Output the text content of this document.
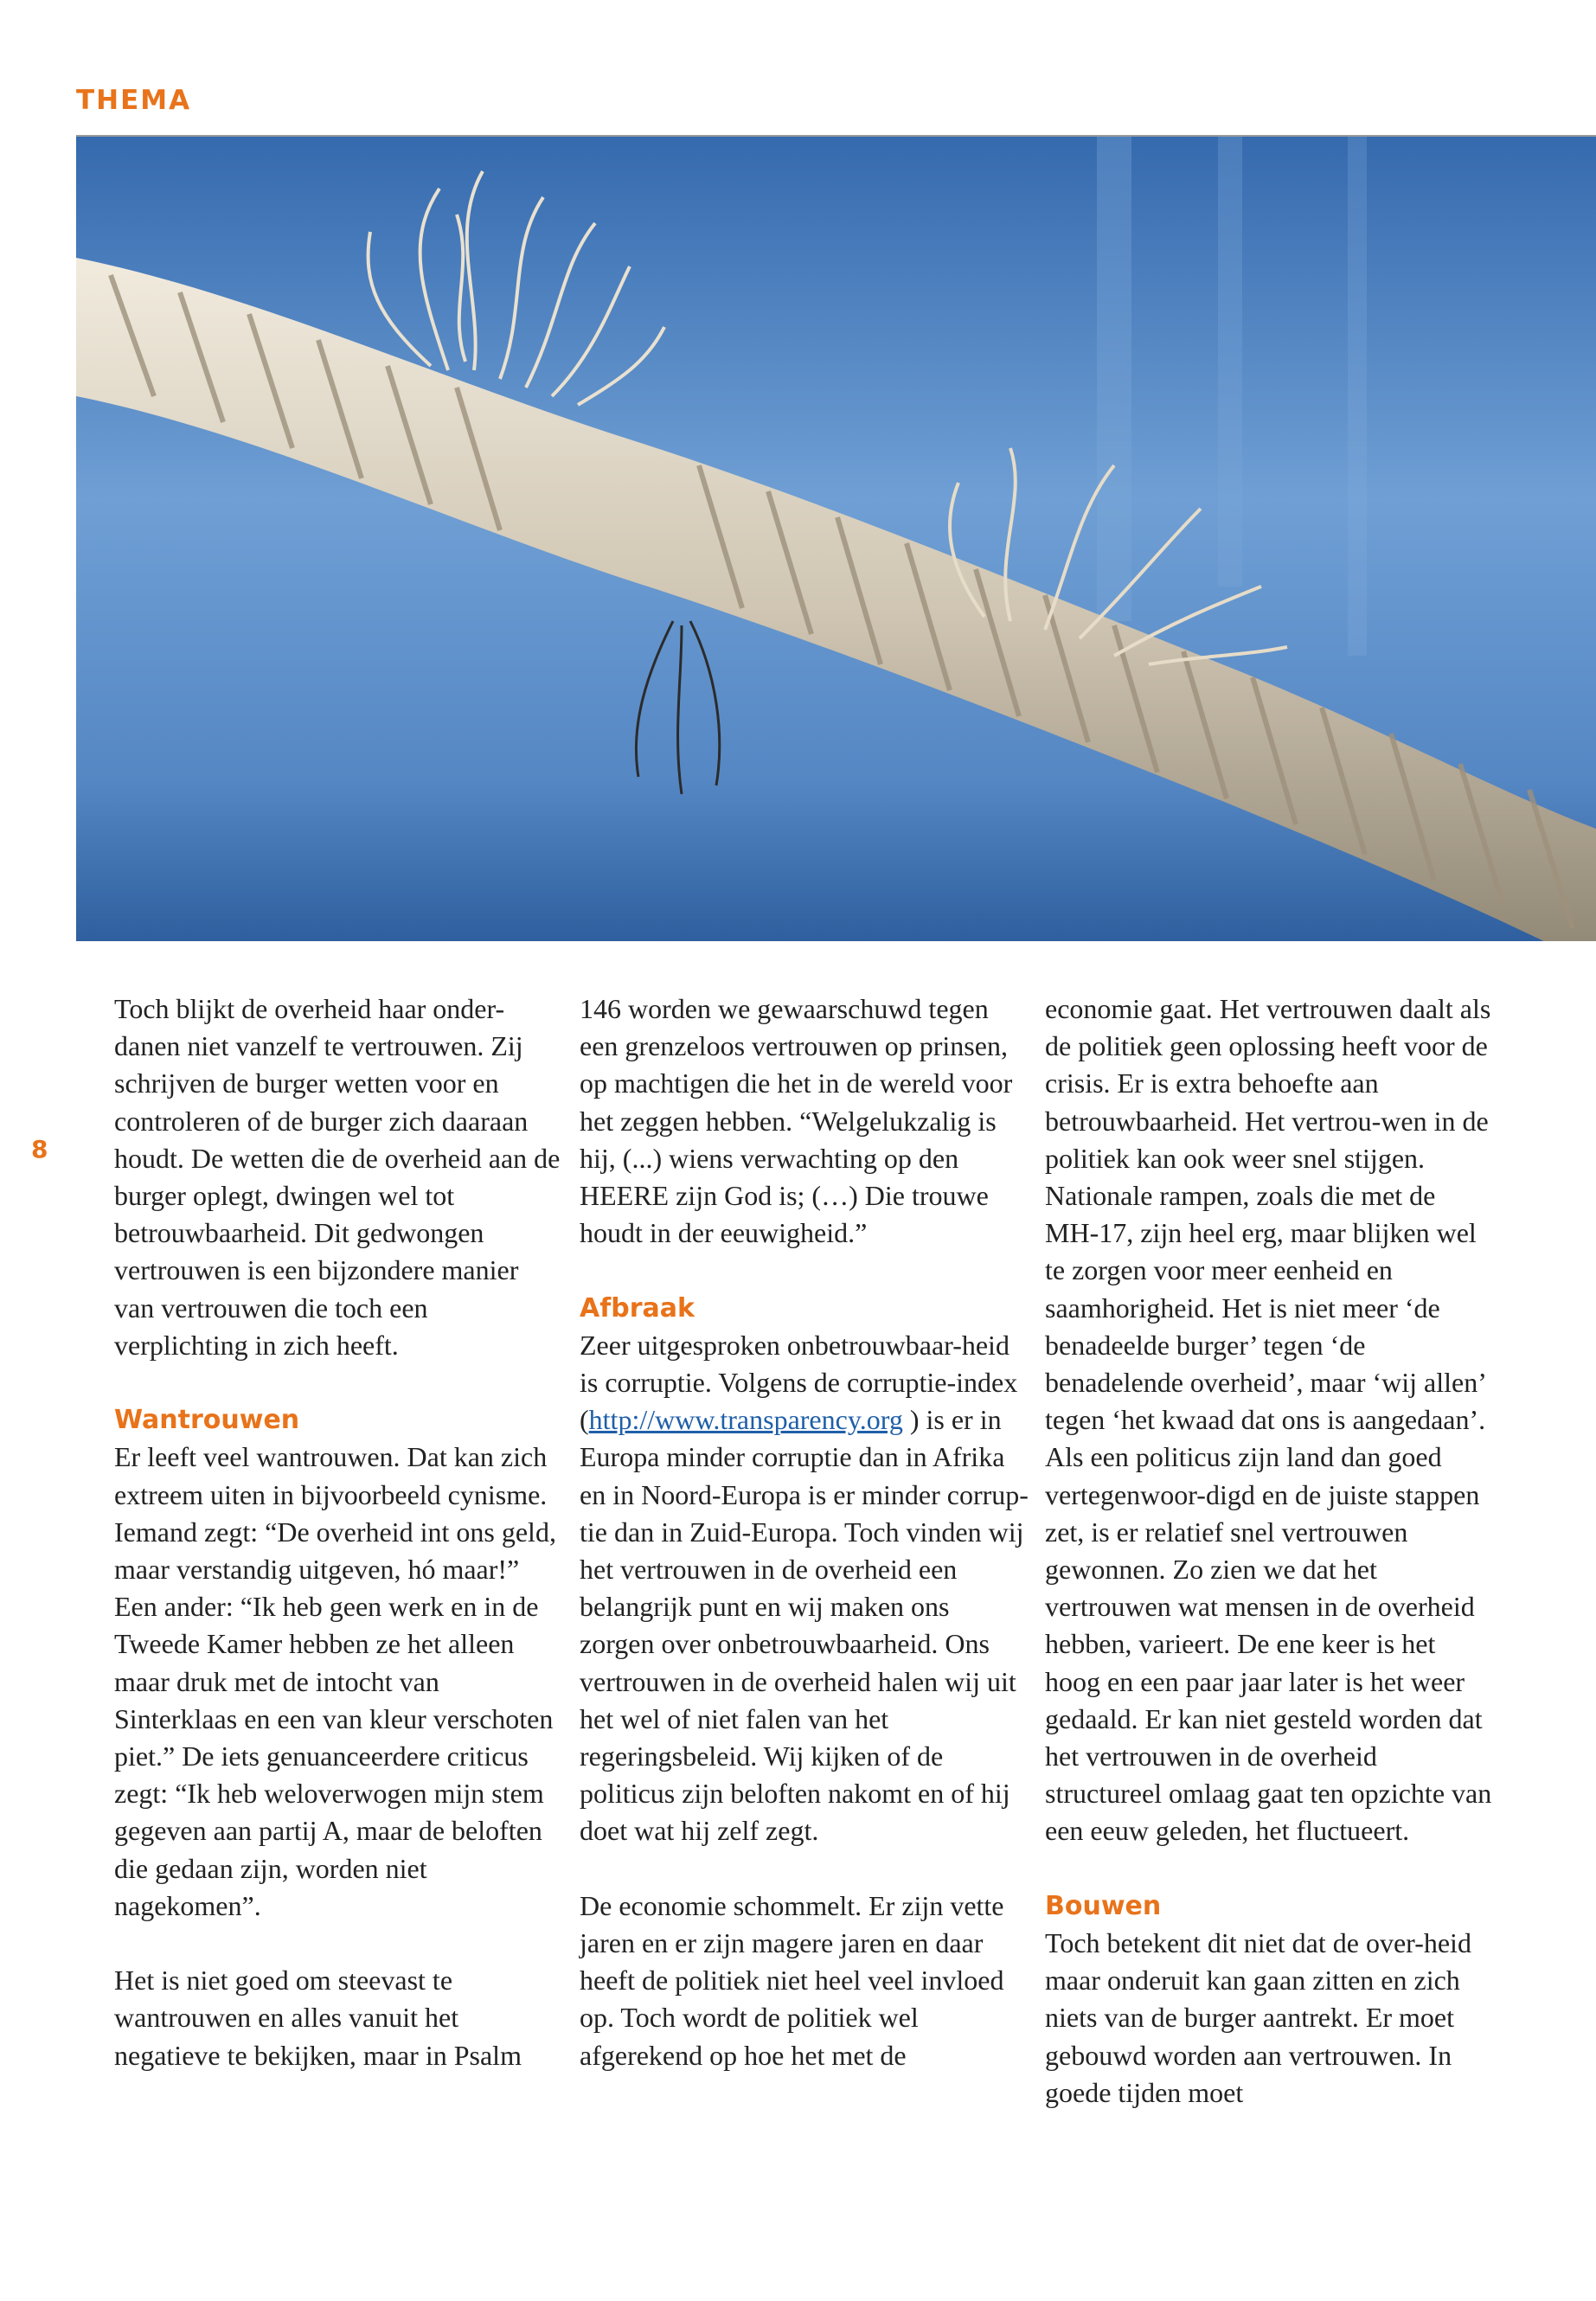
THEMA
8

Toch blijkt de overheid haar onder-danen niet vanzelf te vertrouwen. Zij schrijven de burger wetten voor en controleren of de burger zich daaraan houdt. De wetten die de overheid aan de burger oplegt, dwingen wel tot betrouwbaarheid. Dit gedwongen vertrouwen is een bijzondere manier van vertrouwen die toch een verplichting in zich heeft.

Wantrouwen

Er leeft veel wantrouwen. Dat kan zich extreem uiten in bijvoorbeeld cynisme. Iemand zegt: “De overheid int ons geld, maar verstandig uitgeven, hó maar!” Een ander: “Ik heb geen werk en in de Tweede Kamer hebben ze het alleen maar druk met de intocht van Sinterklaas en een van kleur verschoten piet.” De iets genuanceerdere criticus zegt: “Ik heb weloverwogen mijn stem gegeven aan partij A, maar de beloften die gedaan zijn, worden niet nagekomen”.

Het is niet goed om steevast te wantrouwen en alles vanuit het negatieve te bekijken, maar in Psalm

146 worden we gewaarschuwd tegen een grenzeloos vertrouwen op prinsen, op machtigen die het in de wereld voor het zeggen hebben. “Welgelukzalig is hij, (...) wiens verwachting op den HEERE zijn God is; (…) Die trouwe houdt in der eeuwigheid.”

Afbraak

Zeer uitgesproken onbetrouwbaar-heid is corruptie. Volgens de corruptie-index (http://www.transparency.org ) is er in Europa minder corruptie dan in Afrika en in Noord-Europa is er minder corrup-tie dan in Zuid-Europa. Toch vinden wij het vertrouwen in de overheid een belangrijk punt en wij maken ons zorgen over onbetrouwbaarheid. Ons vertrouwen in de overheid halen wij uit het wel of niet falen van het regeringsbeleid. Wij kijken of de politicus zijn beloften nakomt en of hij doet wat hij zelf zegt.

De economie schommelt. Er zijn vette jaren en er zijn magere jaren en daar heeft de politiek niet heel veel invloed op. Toch wordt de politiek wel afgerekend op hoe het met de

economie gaat. Het vertrouwen daalt als de politiek geen oplossing heeft voor de crisis. Er is extra behoefte aan betrouwbaarheid. Het vertrou-wen in de politiek kan ook weer snel stijgen. Nationale rampen, zoals die met de MH-17, zijn heel erg, maar blijken wel te zorgen voor meer eenheid en saamhorigheid. Het is niet meer ‘de benadeelde burger’ tegen ‘de benadelende overheid’, maar ‘wij allen’ tegen ‘het kwaad dat ons is aangedaan’. Als een politicus zijn land dan goed vertegenwoor-digd en de juiste stappen zet, is er relatief snel vertrouwen gewonnen. Zo zien we dat het vertrouwen wat mensen in de overheid hebben, varieert. De ene keer is het hoog en een paar jaar later is het weer gedaald. Er kan niet gesteld worden dat het vertrouwen in de overheid structureel omlaag gaat ten opzichte van een eeuw geleden, het fluctueert.

Bouwen

Toch betekent dit niet dat de over-heid maar onderuit kan gaan zitten en zich niets van de burger aantrekt. Er moet gebouwd worden aan vertrouwen. In goede tijden moet
